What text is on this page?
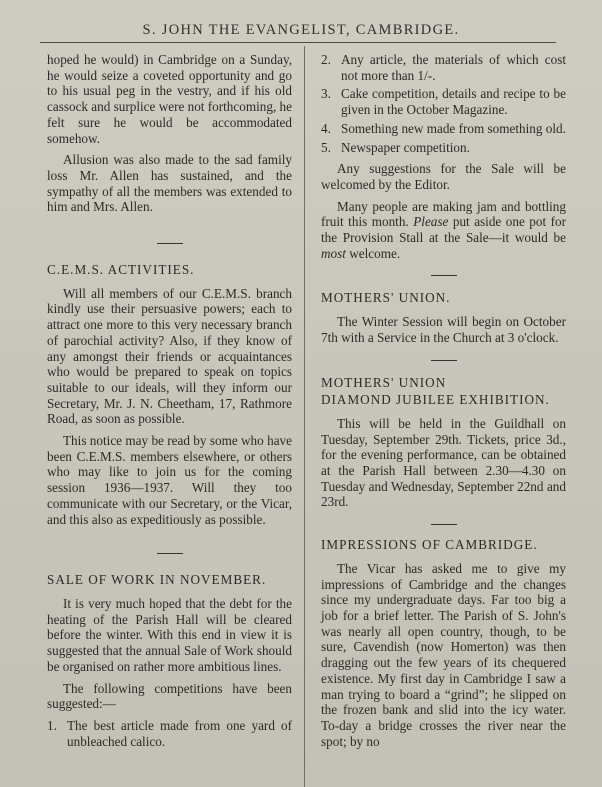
S. JOHN THE EVANGELIST, CAMBRIDGE.

hoped he would) in Cambridge on a Sunday, he would seize a coveted opportunity and go to his usual peg in the vestry, and if his old cassock and surplice were not forthcoming, he felt sure he would be accommodated somehow.

Allusion was also made to the sad family loss Mr. Allen has sustained, and the sympathy of all the members was extended to him and Mrs. Allen.

C.E.M.S. ACTIVITIES.

Will all members of our C.E.M.S. branch kindly use their persuasive powers; each to attract one more to this very necessary branch of parochial activity? Also, if they know of any amongst their friends or acquaintances who would be prepared to speak on topics suitable to our ideals, will they inform our Secretary, Mr. J. N. Cheetham, 17, Rathmore Road, as soon as possible.

This notice may be read by some who have been C.E.M.S. members elsewhere, or others who may like to join us for the coming session 1936—1937. Will they too communicate with our Secretary, or the Vicar, and this also as expeditiously as possible.

SALE OF WORK IN NOVEMBER.

It is very much hoped that the debt for the heating of the Parish Hall will be cleared before the winter. With this end in view it is suggested that the annual Sale of Work should be organised on rather more ambitious lines.

The following competitions have been suggested:—

1. The best article made from one yard of unbleached calico.
2. Any article, the materials of which cost not more than 1/-.
3. Cake competition, details and recipe to be given in the October Magazine.
4. Something new made from something old.
5. Newspaper competition.

Any suggestions for the Sale will be welcomed by the Editor.

Many people are making jam and bottling fruit this month. Please put aside one pot for the Provision Stall at the Sale—it would be most welcome.

MOTHERS' UNION.

The Winter Session will begin on October 7th with a Service in the Church at 3 o'clock.

MOTHERS' UNION
DIAMOND JUBILEE EXHIBITION.

This will be held in the Guildhall on Tuesday, September 29th. Tickets, price 3d., for the evening performance, can be obtained at the Parish Hall between 2.30—4.30 on Tuesday and Wednesday, September 22nd and 23rd.

IMPRESSIONS OF CAMBRIDGE.

The Vicar has asked me to give my impressions of Cambridge and the changes since my undergraduate days. Far too big a job for a brief letter. The Parish of S. John's was nearly all open country, though, to be sure, Cavendish (now Homerton) was then dragging out the few years of its chequered existence. My first day in Cambridge I saw a man trying to board a “grind”; he slipped on the frozen bank and slid into the icy water. To-day a bridge crosses the river near the spot; by no
